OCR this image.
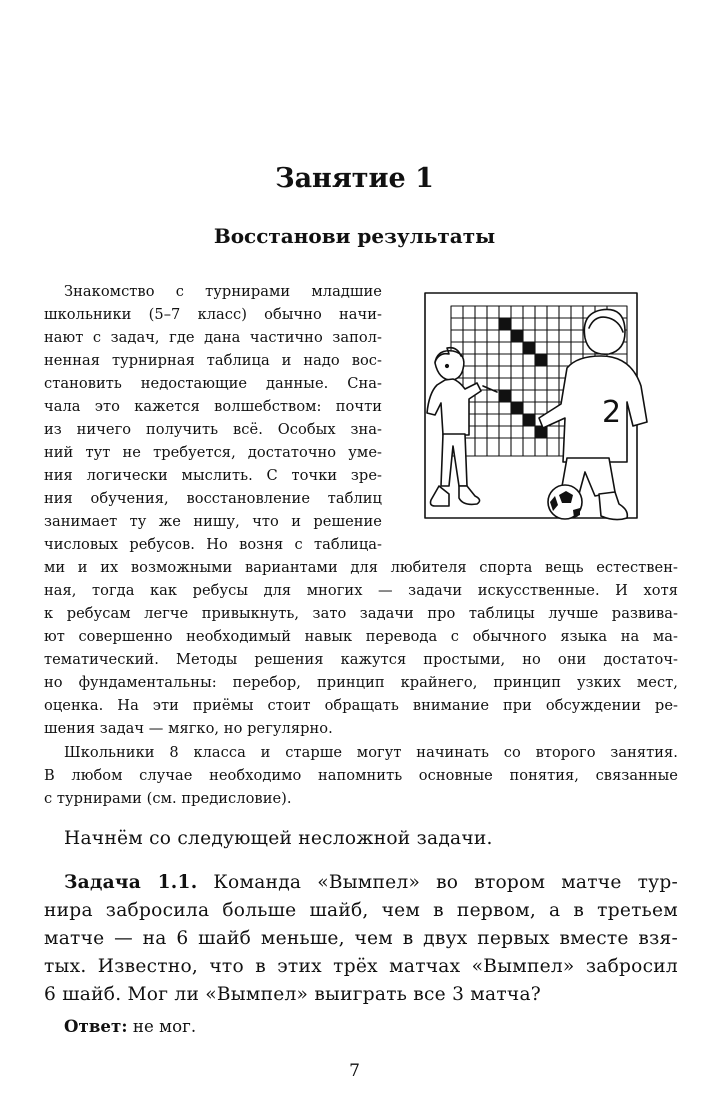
Занятие 1
Восстанови результаты
Знакомство с турнирами младшие
школьники (5–7 класс) обычно начи-
нают с задач, где дана частично запол-
ненная турнирная таблица и надо вос-
становить недостающие данные. Сна-
чала это кажется волшебством: почти
из ничего получить всё. Особых зна-
ний тут не требуется, достаточно уме-
ния логически мыслить. С точки зре-
ния обучения, восстановление таблиц
занимает ту же нишу, что и решение
числовых ребусов. Но возня с таблица-
ми и их возможными вариантами для любителя спорта вещь естествен-
ная, тогда как ребусы для многих — задачи искусственные. И хотя
к ребусам легче привыкнуть, зато задачи про таблицы лучше развива-
ют совершенно необходимый навык перевода с обычного языка на ма-
тематический. Методы решения кажутся простыми, но они достаточ-
но фундаментальны: перебор, принцип крайнего, принцип узких мест,
оценка. На эти приёмы стоит обращать внимание при обсуждении ре-
шения задач — мягко, но регулярно.
Школьники 8 класса и старше могут начинать со второго занятия.
В любом случае необходимо напомнить основные понятия, связанные
с турнирами (см. предисловие).
Начнём со следующей несложной задачи.
Задача 1.1. Команда «Вымпел» во втором матче тур-
нира забросила больше шайб, чем в первом, а в третьем
матче — на 6 шайб меньше, чем в двух первых вместе взя-
тых. Известно, что в этих трёх матчах «Вымпел» забросил
6 шайб. Мог ли «Вымпел» выиграть все 3 матча?
Ответ: не мог.
2
7
